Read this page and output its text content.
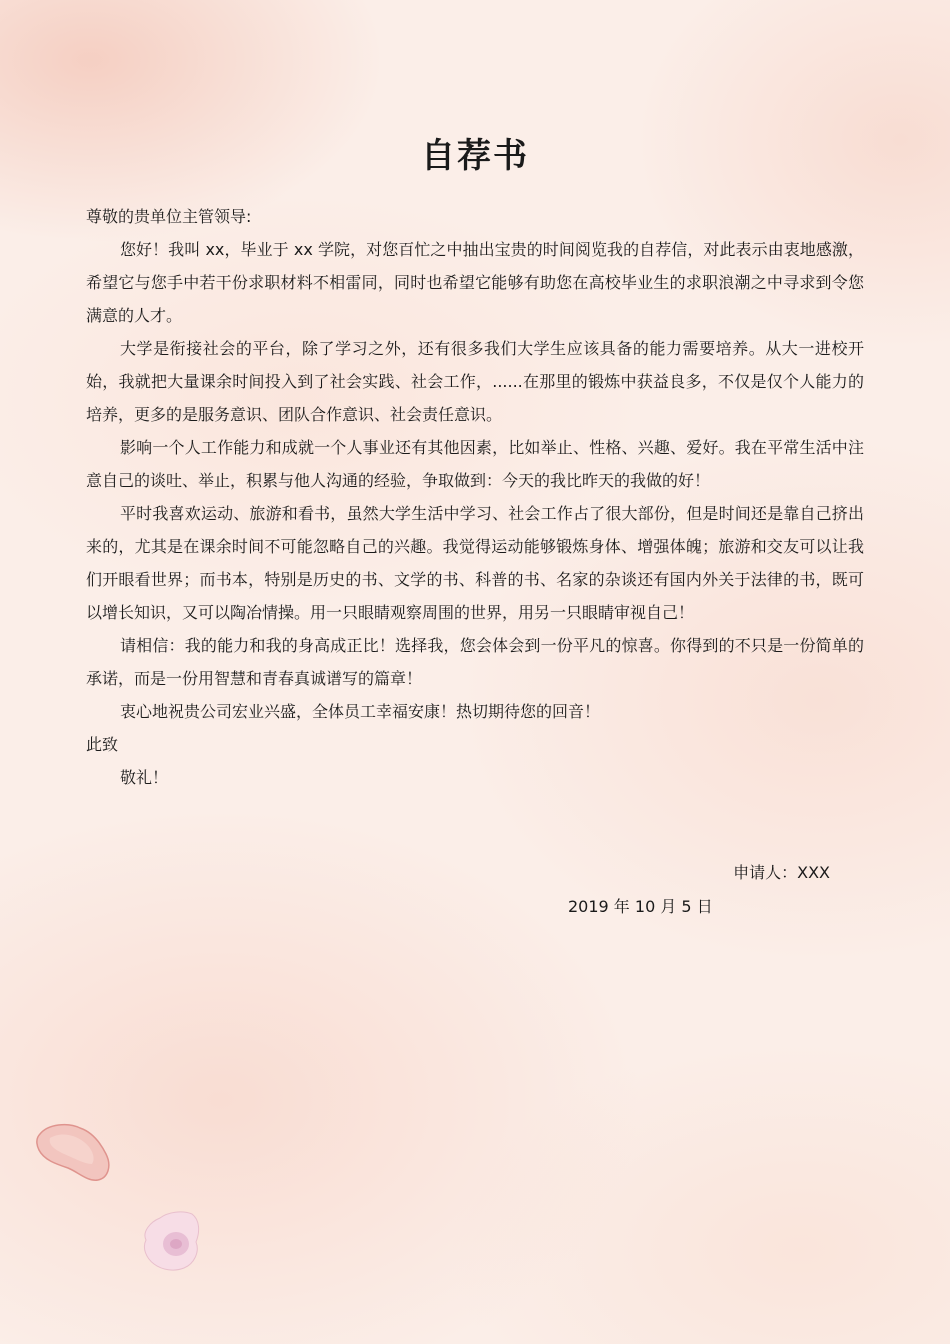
自荐书

尊敬的贵单位主管领导:

您好！我叫 xx，毕业于 xx 学院，对您百忙之中抽出宝贵的时间阅览我的自荐信，对此表示由衷地感激，希望它与您手中若干份求职材料不相雷同，同时也希望它能够有助您在高校毕业生的求职浪潮之中寻求到令您满意的人才。

大学是衔接社会的平台，除了学习之外，还有很多我们大学生应该具备的能力需要培养。从大一进校开始，我就把大量课余时间投入到了社会实践、社会工作，......在那里的锻炼中获益良多，不仅是仅个人能力的培养，更多的是服务意识、团队合作意识、社会责任意识。

影响一个人工作能力和成就一个人事业还有其他因素，比如举止、性格、兴趣、爱好。我在平常生活中注意自己的谈吐、举止，积累与他人沟通的经验，争取做到：今天的我比昨天的我做的好！

平时我喜欢运动、旅游和看书，虽然大学生活中学习、社会工作占了很大部份，但是时间还是靠自己挤出来的，尤其是在课余时间不可能忽略自己的兴趣。我觉得运动能够锻炼身体、增强体魄；旅游和交友可以让我们开眼看世界；而书本，特别是历史的书、文学的书、科普的书、名家的杂谈还有国内外关于法律的书，既可以增长知识，又可以陶冶情操。用一只眼睛观察周围的世界，用另一只眼睛审视自己！

请相信：我的能力和我的身高成正比！选择我，您会体会到一份平凡的惊喜。你得到的不只是一份简单的承诺，而是一份用智慧和青春真诚谱写的篇章！

衷心地祝贵公司宏业兴盛，全体员工幸福安康！热切期待您的回音！

此致

敬礼！

申请人：XXX
2019 年 10 月 5 日
